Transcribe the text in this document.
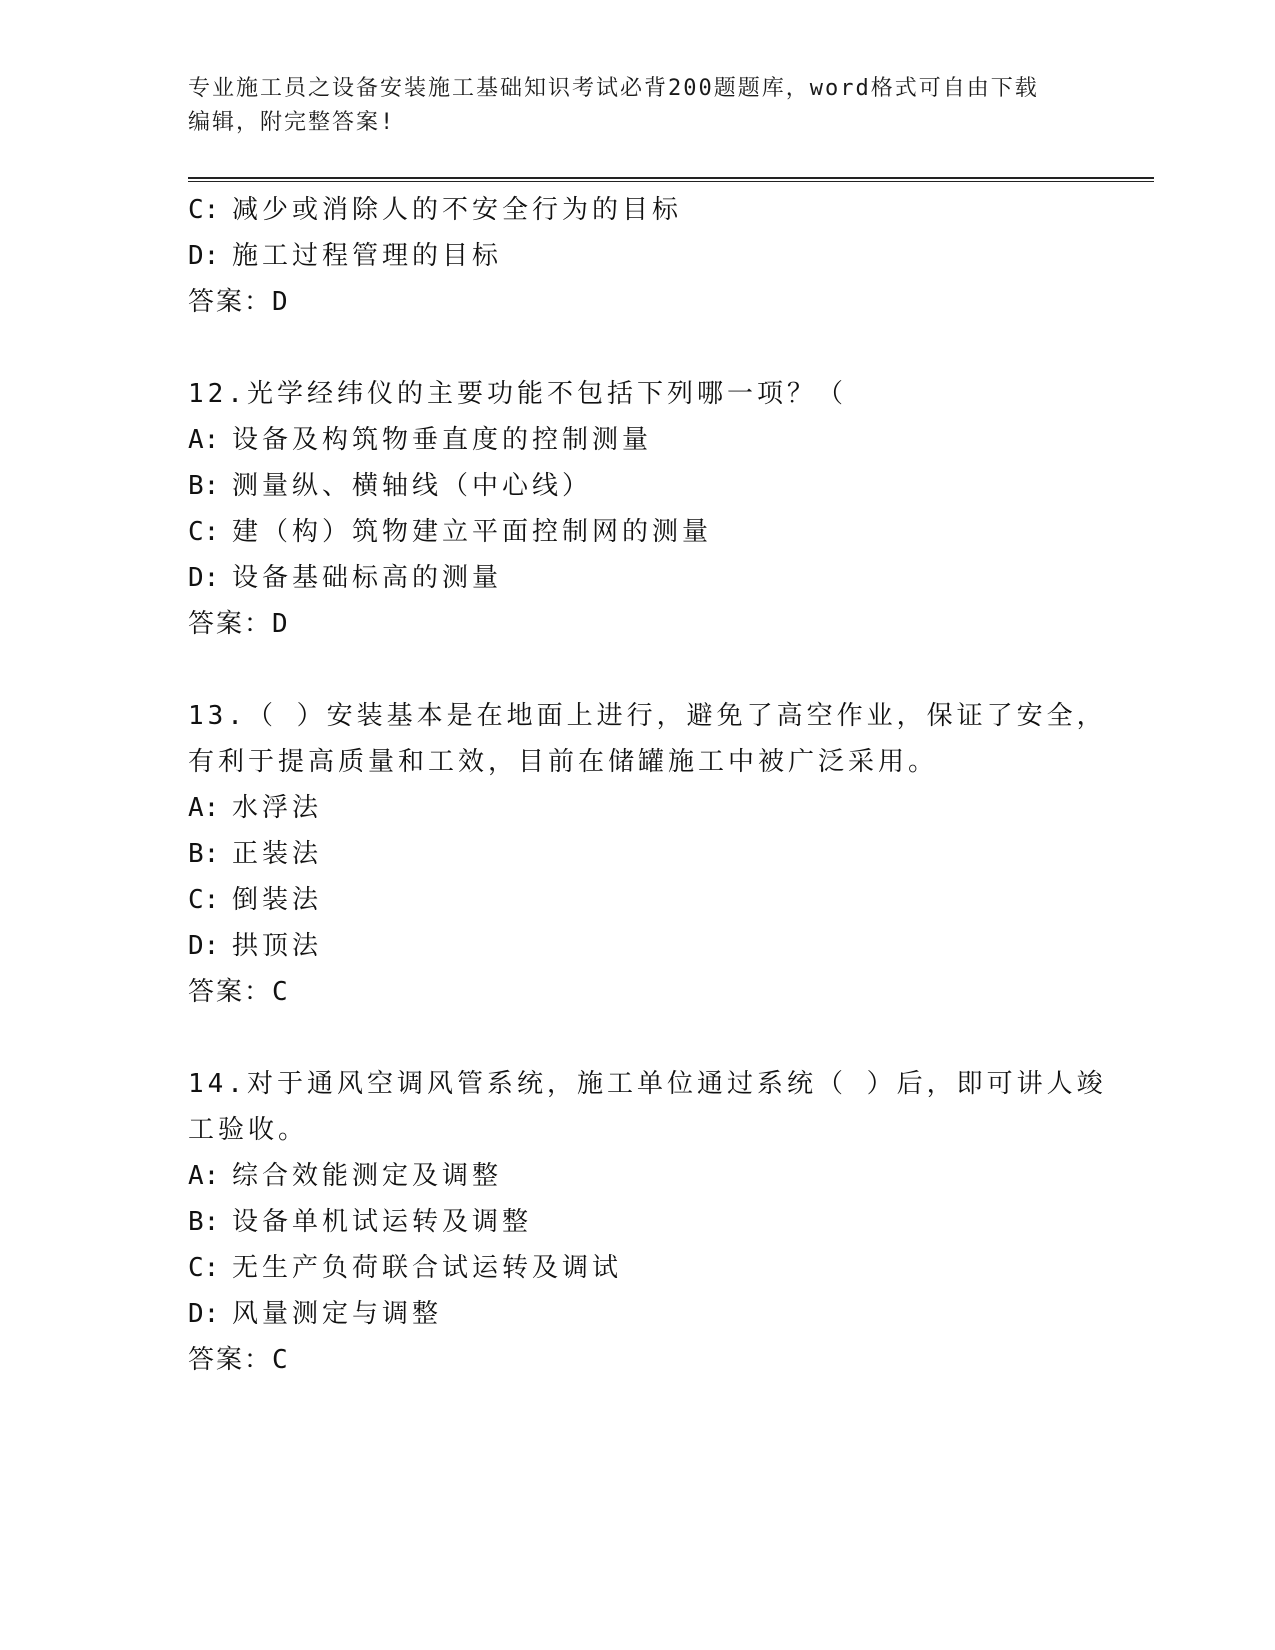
专业施工员之设备安装施工基础知识考试必背200题题库，word格式可自由下载
编辑，附完整答案!
C: 减少或消除人的不安全行为的目标
D: 施工过程管理的目标
答案：D
12.光学经纬仪的主要功能不包括下列哪一项？（
A: 设备及构筑物垂直度的控制测量
B: 测量纵、横轴线（中心线）
C: 建（构）筑物建立平面控制网的测量
D: 设备基础标高的测量
答案：D
13.（ ）安装基本是在地面上进行，避免了高空作业，保证了安全，
有利于提高质量和工效，目前在储罐施工中被广泛采用。
A: 水浮法
B: 正装法
C: 倒装法
D: 拱顶法
答案：C
14.对于通风空调风管系统，施工单位通过系统（ ）后，即可讲人竣
工验收。
A: 综合效能测定及调整
B: 设备单机试运转及调整
C: 无生产负荷联合试运转及调试
D: 风量测定与调整
答案：C
